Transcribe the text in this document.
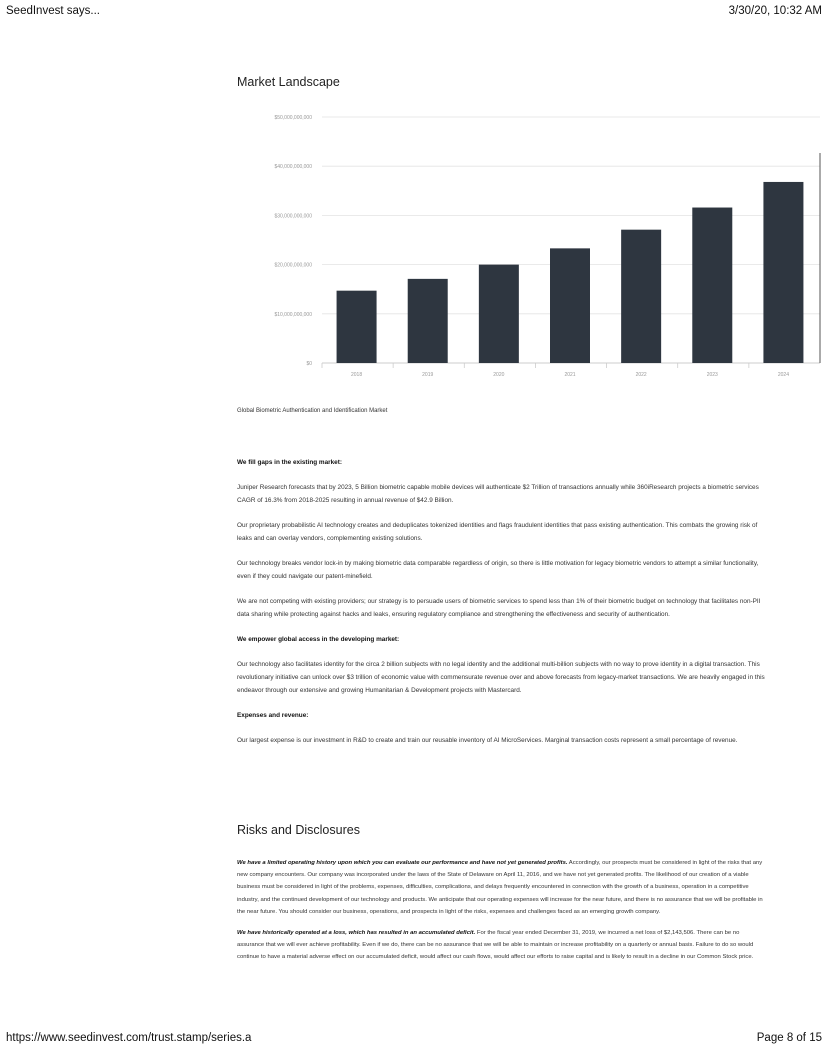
SeedInvest says...	3/30/20, 10:32 AM
Market Landscape
$0
$10,000,000,000
$20,000,000,000
$30,000,000,000
$40,000,000,000
$50,000,000,000
2018	2019	2020	2021	2022	2023	2024
Global Biometric Authentication and Identification Market

We fill gaps in the existing market:

Juniper Research forecasts that by 2023, 5 Billion biometric capable mobile devices will authenticate $2 Trillion of transactions annually while 360iResearch projects a biometric services CAGR of 16.3% from 2018-2025 resulting in annual revenue of $42.9 Billion.

Our proprietary probabilistic AI technology creates and deduplicates tokenized identities and flags fraudulent identities that pass existing authentication. This combats the growing risk of leaks and can overlay vendors, complementing existing solutions.

Our technology breaks vendor lock-in by making biometric data comparable regardless of origin, so there is little motivation for legacy biometric vendors to attempt a similar functionality, even if they could navigate our patent-minefield.

We are not competing with existing providers; our strategy is to persuade users of biometric services to spend less than 1% of their biometric budget on technology that facilitates non-PII data sharing while protecting against hacks and leaks, ensuring regulatory compliance and strengthening the effectiveness and security of authentication.

We empower global access in the developing market:

Our technology also facilitates identity for the circa 2 billion subjects with no legal identity and the additional multi-billion subjects with no way to prove identity in a digital transaction. This revolutionary initiative can unlock over $3 trillion of economic value with commensurate revenue over and above forecasts from legacy-market transactions. We are heavily engaged in this endeavor through our extensive and growing Humanitarian & Development projects with Mastercard.

Expenses and revenue:

Our largest expense is our investment in R&D to create and train our reusable inventory of AI MicroServices. Marginal transaction costs represent a small percentage of revenue.

Risks and Disclosures

We have a limited operating history upon which you can evaluate our performance and have not yet generated profits. Accordingly, our prospects must be considered in light of the risks that any new company encounters. Our company was incorporated under the laws of the State of Delaware on April 11, 2016, and we have not yet generated profits. The likelihood of our creation of a viable business must be considered in light of the problems, expenses, difficulties, complications, and delays frequently encountered in connection with the growth of a business, operation in a competitive industry, and the continued development of our technology and products. We anticipate that our operating expenses will increase for the near future, and there is no assurance that we will be profitable in the near future. You should consider our business, operations, and prospects in light of the risks, expenses and challenges faced as an emerging growth company.

We have historically operated at a loss, which has resulted in an accumulated deficit. For the fiscal year ended December 31, 2019, we incurred a net loss of $2,143,506. There can be no assurance that we will ever achieve profitability. Even if we do, there can be no assurance that we will be able to maintain or increase profitability on a quarterly or annual basis. Failure to do so would continue to have a material adverse effect on our accumulated deficit, would affect our cash flows, would affect our efforts to raise capital and is likely to result in a decline in our Common Stock price.

https://www.seedinvest.com/trust.stamp/series.a	Page 8 of 15
